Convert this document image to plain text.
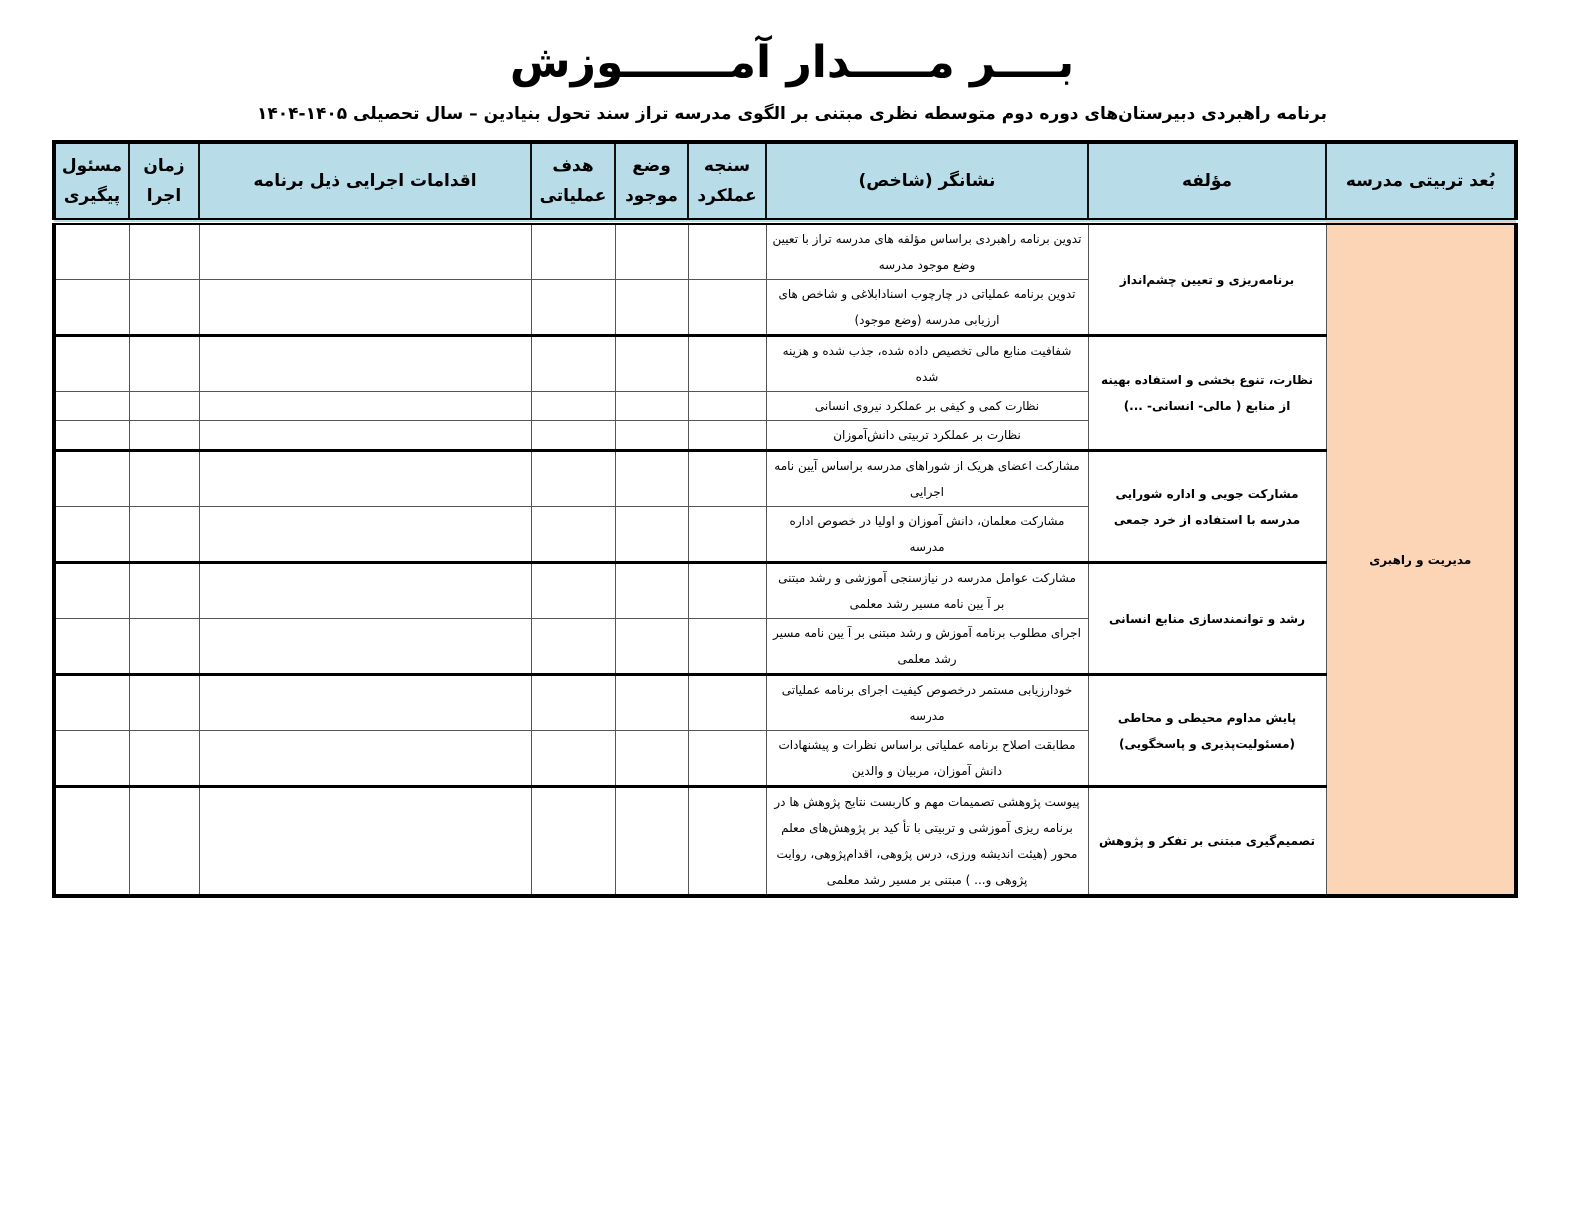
بــــر مـــــدار آمـــــــوزش
برنامه راهبردی دبیرستان‌های دوره دوم متوسطه نظری مبتنی بر الگوی مدرسه تراز سند تحول بنیادین – سال تحصیلی ۱۴۰۵-۱۴۰۴
بُعد تربیتی مدرسه	مؤلفه	نشانگر (شاخص)	سنجه عملکرد	وضع موجود	هدف عملیاتی	اقدامات اجرایی ذیل برنامه	زمان اجرا	مسئول پیگیری
مدیریت و راهبری	برنامه‌ریزی و تعیین چشم‌انداز	تدوین برنامه راهبردی براساس مؤلفه های مدرسه تراز با تعیین وضع موجود مدرسه						
		تدوین برنامه عملیاتی در چارچوب اسنادابلاغی و شاخص های ارزیابی مدرسه (وضع موجود)						
	نظارت، تنوع بخشی و استفاده بهینه از منابع ( مالی- انسانی- ...)	شفافیت منابع مالی تخصیص داده شده، جذب شده و هزینه شده						
		نظارت کمی و کیفی بر عملکرد نیروی انسانی						
		نظارت بر عملکرد تربیتی دانش‌آموزان						
	مشارکت جویی و اداره شورایی مدرسه با استفاده از خرد جمعی	مشارکت اعضای هریک از شوراهای مدرسه براساس آیین نامه اجرایی						
		مشارکت معلمان، دانش آموزان و اولیا در خصوص اداره مدرسه						
	رشد و توانمندسازی منابع انسانی	مشارکت عوامل مدرسه در نیازسنجی آموزشی و رشد مبتنی بر آ یین نامه مسیر رشد معلمی						
		اجرای مطلوب برنامه آموزش و رشد مبتنی بر آ یین نامه مسیر رشد معلمی						
	پایش مداوم محیطی و محاطی (مسئولیت‌پذیری و پاسخگویی)	خودارزیابی مستمر درخصوص کیفیت اجرای برنامه عملیاتی مدرسه						
		مطابقت اصلاح برنامه عملیاتی براساس نظرات و پیشنهادات دانش آموزان، مربیان و والدین						
	تصمیم‌گیری مبتنی بر تفکر و پژوهش	پیوست پژوهشی تصمیمات مهم و کاربست نتایج پژوهش ها در برنامه ریزی آموزشی و تربیتی با تأ کید بر پژوهش‌های معلم محور (هیئت اندیشه ورزی، درس پژوهی، اقدام‌پژوهی، روایت پژوهی و... ) مبتنی بر مسیر رشد معلمی						
